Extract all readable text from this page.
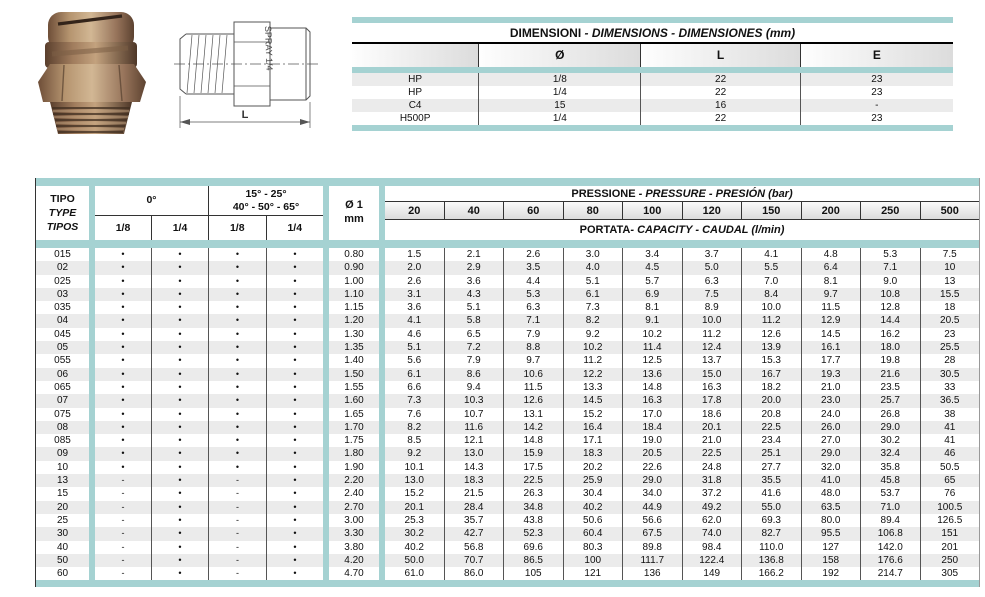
L
SPRAY 1/4	DIMENSIONI - DIMENSIONS - DIMENSIONES (mm)
Ø	L	E
HP	1/8	22	23
HP	1/4	22	23
C4	15	16	-
H500P	1/4	22	23
TIPO
TYPE
TIPOS
0°
1/8	1/4
15° - 25°
40° - 50° - 65°
1/8	1/4
Ø 1
mm
PRESSIONE - PRESSURE - PRESIÓN (bar)
20	40	60	80	100	120	150	200	250	500
PORTATA - CAPACITY - CAUDAL (l/min)
015	•	•	•	•	0.80	1.5	2.1	2.6	3.0	3.4	3.7	4.1	4.8	5.3	7.5
02	•	•	•	•	0.90	2.0	2.9	3.5	4.0	4.5	5.0	5.5	6.4	7.1	10
025	•	•	•	•	1.00	2.6	3.6	4.4	5.1	5.7	6.3	7.0	8.1	9.0	13
03	•	•	•	•	1.10	3.1	4.3	5.3	6.1	6.9	7.5	8.4	9.7	10.8	15.5
035	•	•	•	•	1.15	3.6	5.1	6.3	7.3	8.1	8.9	10.0	11.5	12.8	18
04	•	•	•	•	1.20	4.1	5.8	7.1	8.2	9.1	10.0	11.2	12.9	14.4	20.5
045	•	•	•	•	1.30	4.6	6.5	7.9	9.2	10.2	11.2	12.6	14.5	16.2	23
05	•	•	•	•	1.35	5.1	7.2	8.8	10.2	11.4	12.4	13.9	16.1	18.0	25.5
055	•	•	•	•	1.40	5.6	7.9	9.7	11.2	12.5	13.7	15.3	17.7	19.8	28
06	•	•	•	•	1.50	6.1	8.6	10.6	12.2	13.6	15.0	16.7	19.3	21.6	30.5
065	•	•	•	•	1.55	6.6	9.4	11.5	13.3	14.8	16.3	18.2	21.0	23.5	33
07	•	•	•	•	1.60	7.3	10.3	12.6	14.5	16.3	17.8	20.0	23.0	25.7	36.5
075	•	•	•	•	1.65	7.6	10.7	13.1	15.2	17.0	18.6	20.8	24.0	26.8	38
08	•	•	•	•	1.70	8.2	11.6	14.2	16.4	18.4	20.1	22.5	26.0	29.0	41
085	•	•	•	•	1.75	8.5	12.1	14.8	17.1	19.0	21.0	23.4	27.0	30.2	41
09	•	•	•	•	1.80	9.2	13.0	15.9	18.3	20.5	22.5	25.1	29.0	32.4	46
10	•	•	•	•	1.90	10.1	14.3	17.5	20.2	22.6	24.8	27.7	32.0	35.8	50.5
13	-	•	-	•	2.20	13.0	18.3	22.5	25.9	29.0	31.8	35.5	41.0	45.8	65
15	-	•	-	•	2.40	15.2	21.5	26.3	30.4	34.0	37.2	41.6	48.0	53.7	76
20	-	•	-	•	2.70	20.1	28.4	34.8	40.2	44.9	49.2	55.0	63.5	71.0	100.5
25	-	•	-	•	3.00	25.3	35.7	43.8	50.6	56.6	62.0	69.3	80.0	89.4	126.5
30	-	•	-	•	3.30	30.2	42.7	52.3	60.4	67.5	74.0	82.7	95.5	106.8	151
40	-	•	-	•	3.80	40.2	56.8	69.6	80.3	89.8	98.4	110.0	127	142.0	201
50	-	•	-	•	4.20	50.0	70.7	86.5	100	111.7	122.4	136.8	158	176.6	250
60	-	•	-	•	4.70	61.0	86.0	105	121	136	149	166.2	192	214.7	305
